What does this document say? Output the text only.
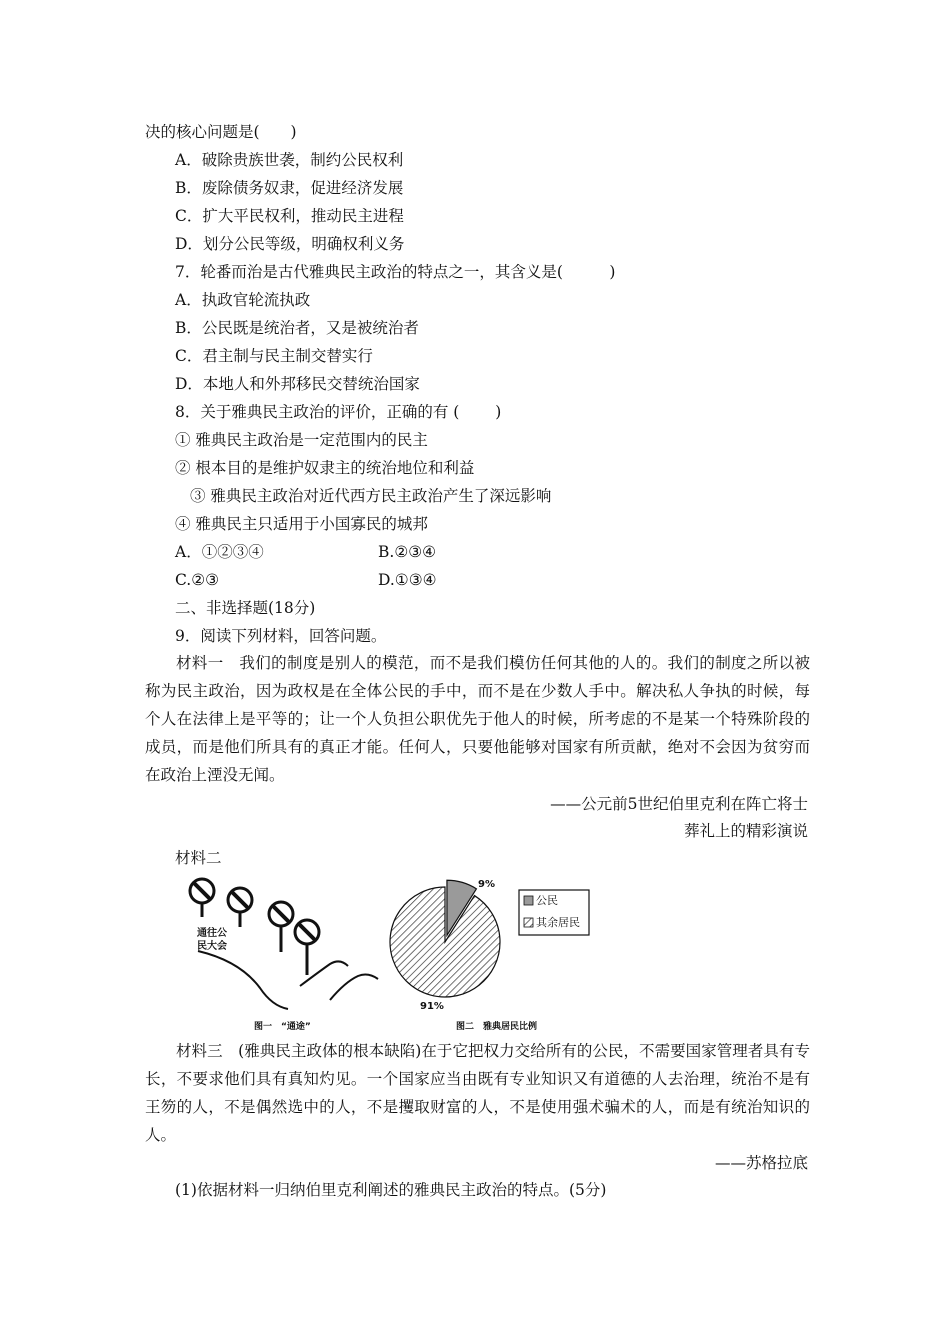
决的核心问题是(　　)
A．破除贵族世袭，制约公民权利
B．废除债务奴隶，促进经济发展
C．扩大平民权利，推动民主进程
D．划分公民等级，明确权利义务
7．轮番而治是古代雅典民主政治的特点之一，其含义是(　　　)
A．执政官轮流执政
B．公民既是统治者，又是被统治者
C．君主制与民主制交替实行
D．本地人和外邦移民交替统治国家
8．关于雅典民主政治的评价，正确的有 (　　 )
① 雅典民主政治是一定范围内的民主
② 根本目的是维护奴隶主的统治地位和利益
③ 雅典民主政治对近代西方民主政治产生了深远影响
④ 雅典民主只适用于小国寡民的城邦
A．①②③④	B.②③④
C.②③	D.①③④
二、非选择题(18分)
9．阅读下列材料，回答问题。
材料一　我们的制度是别人的模范，而不是我们模仿任何其他的人的。我们的制度之所以被称为民主政治，因为政权是在全体公民的手中，而不是在少数人手中。解决私人争执的时候，每个人在法律上是平等的；让一个人负担公职优先于他人的时候，所考虑的不是某一个特殊阶段的成员，而是他们所具有的真正才能。任何人，只要他能够对国家有所贡献，绝对不会因为贫穷而在政治上湮没无闻。
——公元前5世纪伯里克利在阵亡将士
葬礼上的精彩演说
材料二
通往公
民大会
图一　“通途”
9%
91%
公民
其余居民
图二　雅典居民比例
材料三　(雅典民主政体的根本缺陷)在于它把权力交给所有的公民，不需要国家管理者具有专长，不要求他们具有真知灼见。一个国家应当由既有专业知识又有道德的人去治理，统治不是有王笏的人，不是偶然选中的人，不是攫取财富的人，不是使用强术骗术的人，而是有统治知识的人。
——苏格拉底
(1)依据材料一归纳伯里克利阐述的雅典民主政治的特点。(5分)
